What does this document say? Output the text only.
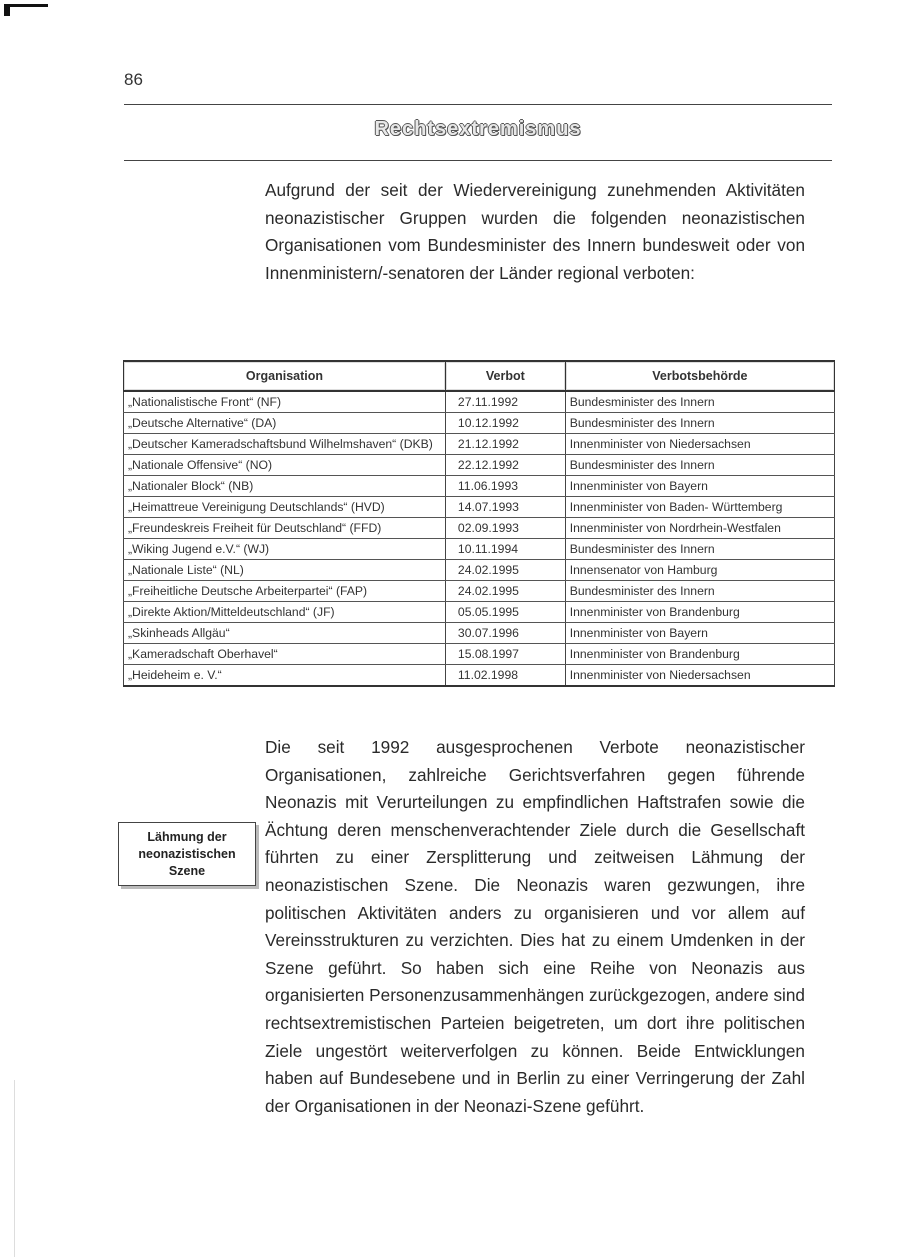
86
Rechtsextremismus

Aufgrund der seit der Wiedervereinigung zunehmenden Aktivitäten neonazistischer Gruppen wurden die folgenden neonazistischen Organisationen vom Bundesminister des Innern bundesweit oder von Innenministern/-senatoren der Länder regional verboten:

Organisation	Verbot	Verbotsbehörde
„Nationalistische Front“ (NF)	27.11.1992	Bundesminister des Innern
„Deutsche Alternative“ (DA)	10.12.1992	Bundesminister des Innern
„Deutscher Kameradschaftsbund Wilhelmshaven“ (DKB)	21.12.1992	Innenminister von Niedersachsen
„Nationale Offensive“ (NO)	22.12.1992	Bundesminister des Innern
„Nationaler Block“ (NB)	11.06.1993	Innenminister von Bayern
„Heimattreue Vereinigung Deutschlands“ (HVD)	14.07.1993	Innenminister von Baden- Württemberg
„Freundeskreis Freiheit für Deutschland“ (FFD)	02.09.1993	Innenminister von Nordrhein-Westfalen
„Wiking Jugend e.V.“ (WJ)	10.11.1994	Bundesminister des Innern
„Nationale Liste“ (NL)	24.02.1995	Innensenator von Hamburg
„Freiheitliche Deutsche Arbeiterpartei“ (FAP)	24.02.1995	Bundesminister des Innern
„Direkte Aktion/Mitteldeutschland“ (JF)	05.05.1995	Innenminister von Brandenburg
„Skinheads Allgäu“	30.07.1996	Innenminister von Bayern
„Kameradschaft Oberhavel“	15.08.1997	Innenminister von Brandenburg
„Heideheim e. V.“	11.02.1998	Innenminister von Niedersachsen
Lähmung der
neonazistischen
Szene

Die seit 1992 ausgesprochenen Verbote neonazistischer Organisationen, zahlreiche Gerichtsverfahren gegen führende Neonazis mit Verurteilungen zu empfindlichen Haftstrafen sowie die Ächtung deren menschenverachtender Ziele durch die Gesellschaft führten zu einer Zersplitterung und zeitweisen Lähmung der neonazistischen Szene. Die Neonazis waren gezwungen, ihre politischen Aktivitäten anders zu organisieren und vor allem auf Vereinsstrukturen zu verzichten. Dies hat zu einem Umdenken in der Szene geführt. So haben sich eine Reihe von Neonazis aus organisierten Personenzusammenhängen zurückgezogen, andere sind rechtsextremistischen Parteien beigetreten, um dort ihre politischen Ziele ungestört weiterverfolgen zu können. Beide Entwicklungen haben auf Bundesebene und in Berlin zu einer Verringerung der Zahl der Organisationen in der Neonazi-Szene geführt.
